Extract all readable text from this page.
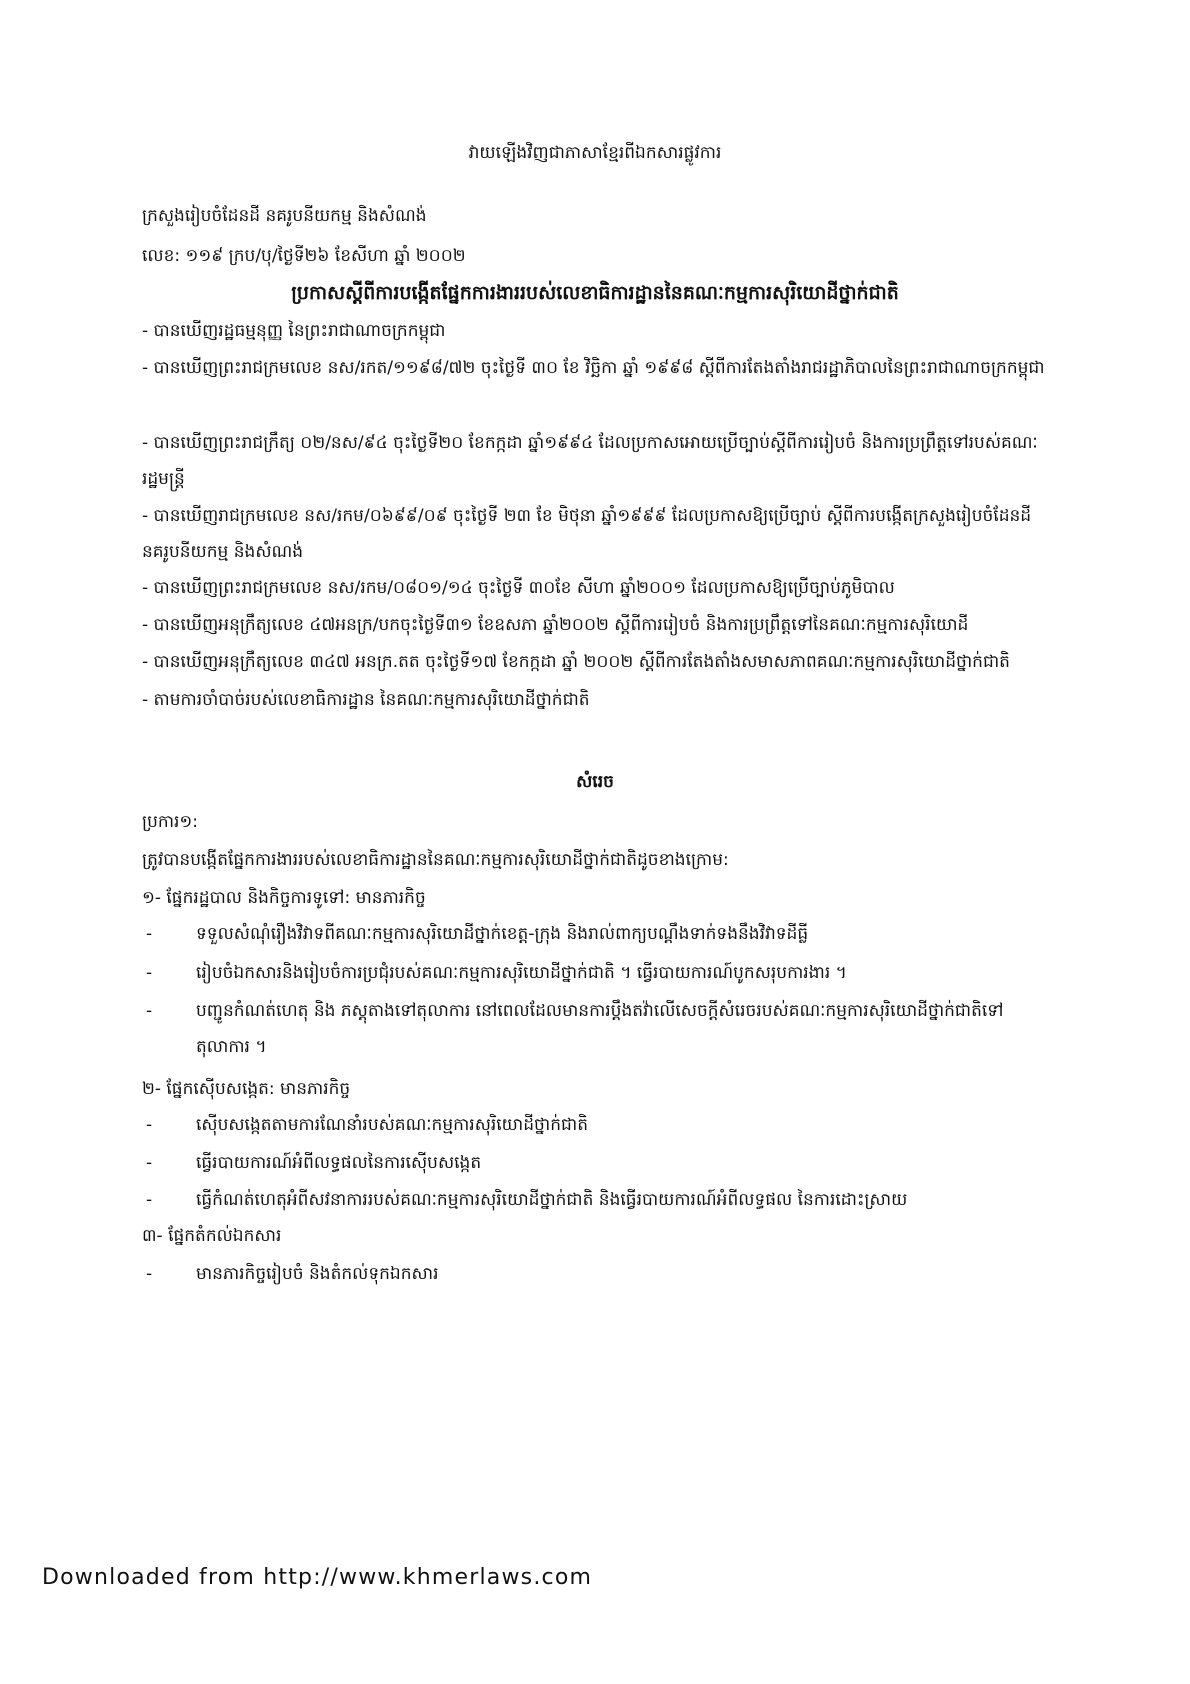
វាយឡើងវិញជាភាសាខ្មែរពីឯកសារផ្លូវការ
ក្រសួងរៀបចំដែនដី នគរូបនីយកម្ម និងសំណង់
លេខ: ១១៩ ក្រប/បុ/ថ្ងៃទី២៦ ខែសីហា ឆ្នាំ ២០០២
ប្រកាសស្តីពីការបង្កើតផ្នែកការងាររបស់លេខាធិការដ្ឋាននៃគណៈកម្មការសុរិយោដីថ្នាក់ជាតិ
- បានឃើញរដ្ឋធម្មនុញ្ញ នៃព្រះរាជាណាចក្រកម្ពុជា
- បានឃើញព្រះរាជក្រមលេខ នស/រកត/១១៩៨/៧២ ចុះថ្ងៃទី ៣០ ខែ វិច្ឆិកា ឆ្នាំ ១៩៩៨ ស្តីពីការតែងតាំងរាជរដ្ឋាភិបាលនៃព្រះរាជាណាចក្រកម្ពុជា
- បានឃើញព្រះរាជក្រឹត្យ ០២/នស/៩៤ ចុះថ្ងៃទី២០ ខែកក្កដា ឆ្នាំ១៩៩៤ ដែលប្រកាសអោយប្រើច្បាប់ស្តីពីការរៀបចំ និងការប្រព្រឹត្តទៅរបស់គណៈរដ្ឋមន្ត្រី
- បានឃើញរាជក្រមលេខ នស/រកម/០៦៩៩/០៩ ចុះថ្ងៃទី ២៣ ខែ មិថុនា ឆ្នាំ១៩៩៩ ដែលប្រកាសឱ្យប្រើច្បាប់ ស្តីពីការបង្កើតក្រសួងរៀបចំដែនដី នគរូបនីយកម្ម និងសំណង់
- បានឃើញព្រះរាជក្រមលេខ នស/រកម/០៨០១/១៤ ចុះថ្ងៃទី ៣០ខែ សីហា ឆ្នាំ២០០១ ដែលប្រកាសឱ្យប្រើច្បាប់ភូមិបាល
- បានឃើញអនុក្រឹត្យលេខ ៤៧អនក្រ/បកចុះថ្ងៃទី៣១ ខែឧសភា ឆ្នាំ២០០២ ស្តីពីការរៀបចំ និងការប្រព្រឹត្តទៅនៃគណៈកម្មការសុរិយោដី
- បានឃើញអនុក្រឹត្យលេខ ៣៤៧ អនក្រ.តត ចុះថ្ងៃទី១៧ ខែកក្កដា ឆ្នាំ ២០០២ ស្តីពីការតែងតាំងសមាសភាពគណៈកម្មការសុរិយោដីថ្នាក់ជាតិ
- តាមការចាំបាច់របស់លេខាធិការដ្ឋាន នៃគណៈកម្មការសុរិយោដីថ្នាក់ជាតិ
សំរេច
ប្រការ១:
ត្រូវបានបង្កើតផ្នែកការងាររបស់លេខាធិការដ្ឋាននៃគណៈកម្មការសុរិយោដីថ្នាក់ជាតិដូចខាងក្រោម:
១- ផ្នែករដ្ឋបាល និងកិច្ចការទូទៅ: មានភារកិច្ច
-	ទទួលសំណុំរឿងវិវាទពីគណៈកម្មការសុរិយោដីថ្នាក់ខេត្ត-ក្រុង និងរាល់ពាក្យបណ្តឹងទាក់ទងនឹងវិវាទដីធ្លី
-	រៀបចំឯកសារនិងរៀបចំការប្រជុំរបស់គណៈកម្មការសុរិយោដីថ្នាក់ជាតិ ។ ធ្វើរបាយការណ៍បូកសរុបការងារ ។
-	បញ្ជូនកំណត់ហេតុ និង ភស្តុតាងទៅតុលាការ នៅពេលដែលមានការប្តឹងតវ៉ាលើសេចក្តីសំរេចរបស់គណៈកម្មការសុរិយោដីថ្នាក់ជាតិទៅតុលាការ ។
២- ផ្នែកស៊ើបសង្កេត: មានភារកិច្ច
-	ស៊ើបសង្កេតតាមការណែនាំរបស់គណៈកម្មការសុរិយោដីថ្នាក់ជាតិ
-	ធ្វើរបាយការណ៍អំពីលទ្ធផលនៃការស៊ើបសង្កេត
-	ធ្វើកំណត់ហេតុអំពីសវនាការរបស់គណៈកម្មការសុរិយោដីថ្នាក់ជាតិ និងធ្វើរបាយការណ៍អំពីលទ្ធផល នៃការដោះស្រាយ
៣- ផ្នែកតំកល់ឯកសារ
-	មានភារកិច្ចរៀបចំ និងតំកល់ទុកឯកសារ
Downloaded from http://www.khmerlaws.com
